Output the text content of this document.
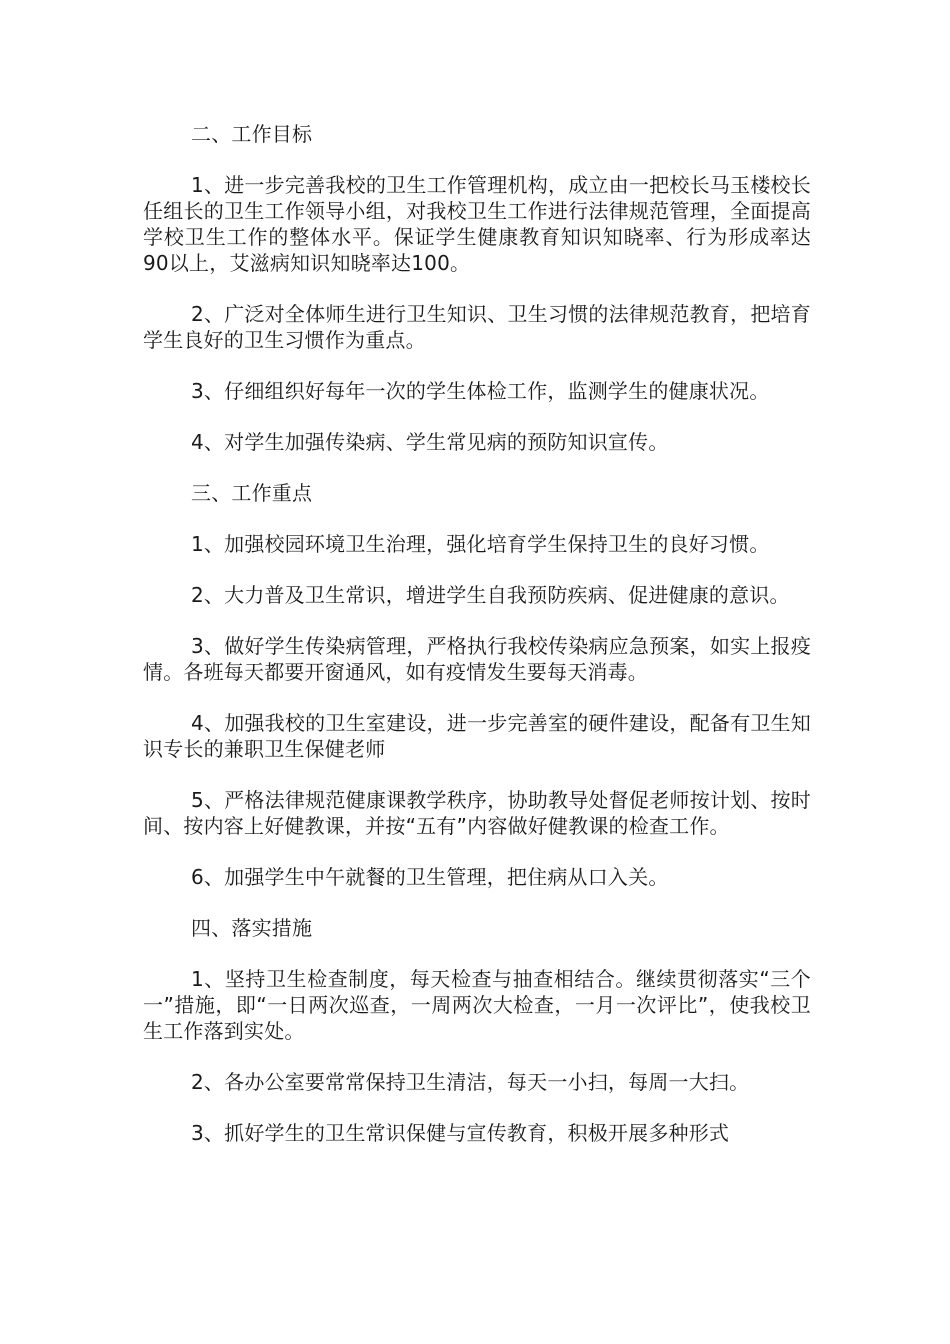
二、工作目标

1、进一步完善我校的卫生工作管理机构，成立由一把校长马玉楼校长任组长的卫生工作领导小组，对我校卫生工作进行法律规范管理，全面提高学校卫生工作的整体水平。保证学生健康教育知识知晓率、行为形成率达90以上，艾滋病知识知晓率达100。

2、广泛对全体师生进行卫生知识、卫生习惯的法律规范教育，把培育学生良好的卫生习惯作为重点。

3、仔细组织好每年一次的学生体检工作，监测学生的健康状况。

4、对学生加强传染病、学生常见病的预防知识宣传。

三、工作重点

1、加强校园环境卫生治理，强化培育学生保持卫生的良好习惯。

2、大力普及卫生常识，增进学生自我预防疾病、促进健康的意识。

3、做好学生传染病管理，严格执行我校传染病应急预案，如实上报疫情。各班每天都要开窗通风，如有疫情发生要每天消毒。

4、加强我校的卫生室建设，进一步完善室的硬件建设，配备有卫生知识专长的兼职卫生保健老师

5、严格法律规范健康课教学秩序，协助教导处督促老师按计划、按时间、按内容上好健教课，并按“五有”内容做好健教课的检查工作。

6、加强学生中午就餐的卫生管理，把住病从口入关。

四、落实措施

1、坚持卫生检查制度，每天检查与抽查相结合。继续贯彻落实“三个一”措施，即“一日两次巡查，一周两次大检查，一月一次评比”，使我校卫生工作落到实处。

2、各办公室要常常保持卫生清洁，每天一小扫，每周一大扫。

3、抓好学生的卫生常识保健与宣传教育，积极开展多种形式
